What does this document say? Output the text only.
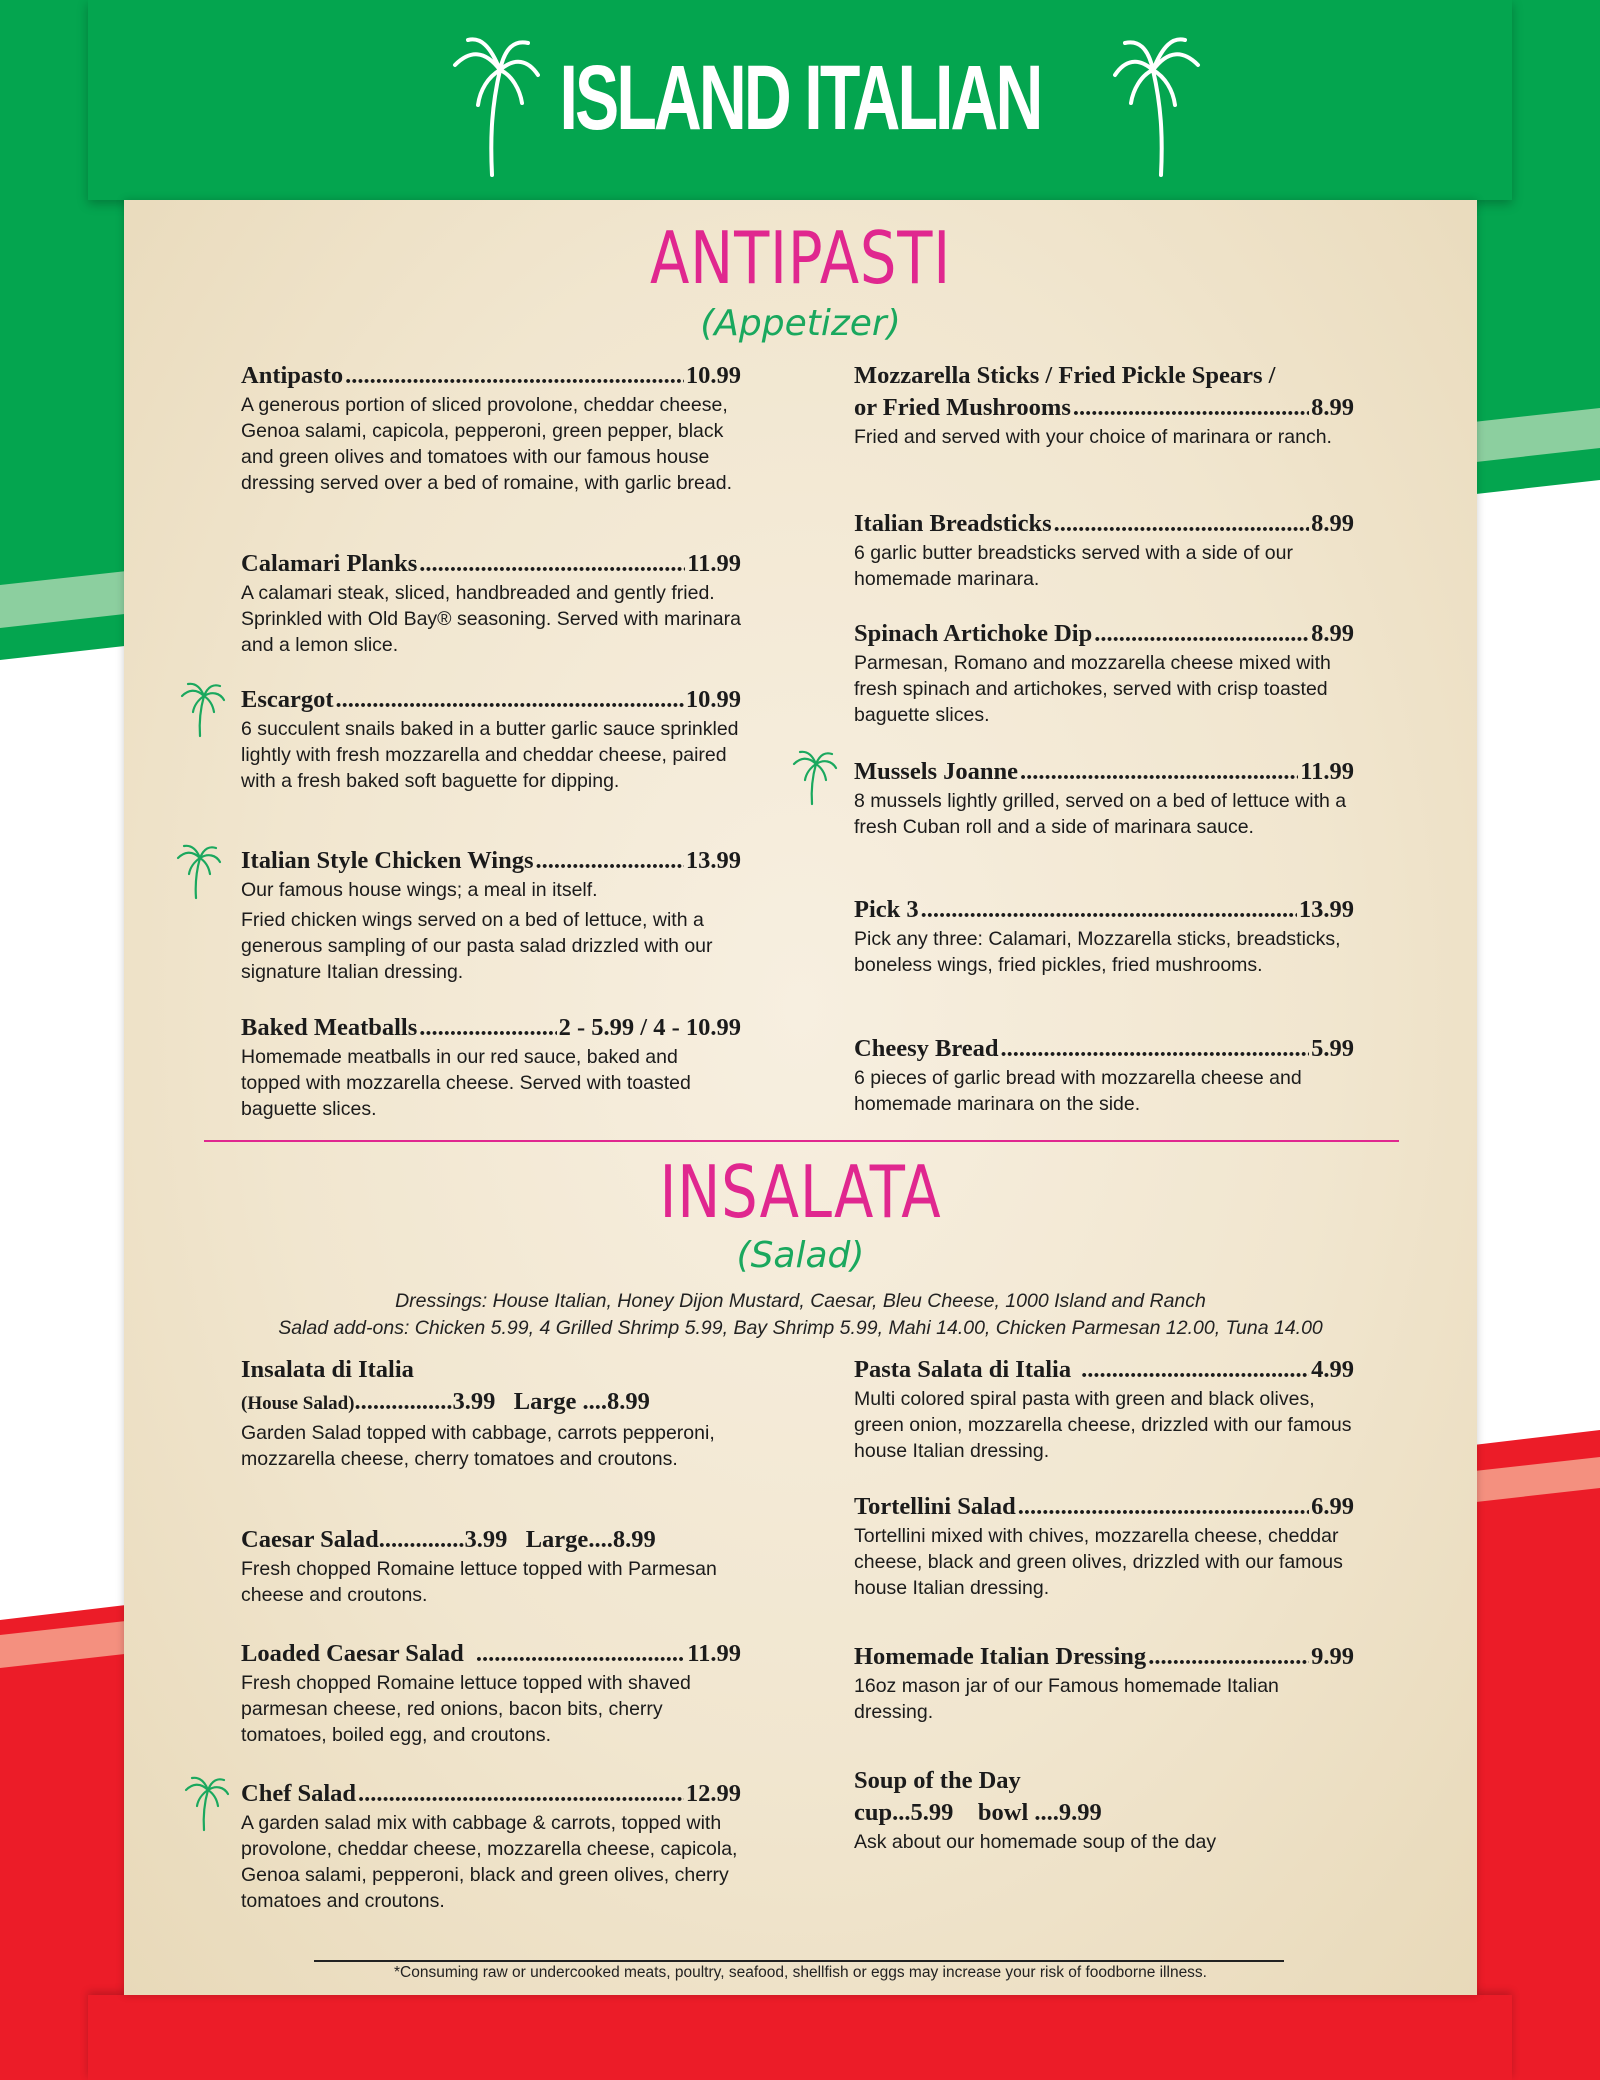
ISLAND ITALIAN
ANTIPASTI
(Appetizer)
Antipasto .....	10.99
A generous portion of sliced provolone, cheddar cheese, Genoa salami, capicola, pepperoni, green pepper, black and green olives and tomatoes with our famous house dressing served over a bed of romaine, with garlic bread.
Calamari Planks .....	11.99
A calamari steak, sliced, handbreaded and gently fried. Sprinkled with Old Bay® seasoning. Served with marinara and a lemon slice.
Escargot .....	10.99
6 succulent snails baked in a butter garlic sauce sprinkled lightly with fresh mozzarella and cheddar cheese, paired with a fresh baked soft baguette for dipping.
Italian Style Chicken Wings .....	13.99
Our famous house wings; a meal in itself.
Fried chicken wings served on a bed of lettuce, with a generous sampling of our pasta salad drizzled with our signature Italian dressing.
Baked Meatballs .....	2 - 5.99 / 4 - 10.99
Homemade meatballs in our red sauce, baked and topped with mozzarella cheese. Served with toasted baguette slices.
Mozzarella Sticks / Fried Pickle Spears /
or Fried Mushrooms .....	8.99
Fried and served with your choice of marinara or ranch.
Italian Breadsticks .....	8.99
6 garlic butter breadsticks served with a side of our homemade marinara.
Spinach Artichoke Dip .....	8.99
Parmesan, Romano and mozzarella cheese mixed with fresh spinach and artichokes, served with crisp toasted baguette slices.
Mussels Joanne .....	11.99
8 mussels lightly grilled, served on a bed of lettuce with a fresh Cuban roll and a side of marinara sauce.
Pick 3 .....	13.99
Pick any three: Calamari, Mozzarella sticks, breadsticks, boneless wings, fried pickles, fried mushrooms.
Cheesy Bread .....	5.99
6 pieces of garlic bread with mozzarella cheese and homemade marinara on the side.
INSALATA
(Salad)
Dressings: House Italian, Honey Dijon Mustard, Caesar, Bleu Cheese, 1000 Island and Ranch
Salad add-ons: Chicken 5.99, 4 Grilled Shrimp 5.99, Bay Shrimp 5.99, Mahi 14.00, Chicken Parmesan 12.00, Tuna 14.00
Insalata di Italia
(House Salad)................3.99 Large ....8.99
Garden Salad topped with cabbage, carrots pepperoni, mozzarella cheese, cherry tomatoes and croutons.
Caesar Salad..............3.99 Large....8.99
Fresh chopped Romaine lettuce topped with Parmesan cheese and croutons.
Loaded Caesar Salad .....	11.99
Fresh chopped Romaine lettuce topped with shaved parmesan cheese, red onions, bacon bits, cherry tomatoes, boiled egg, and croutons.
Chef Salad .....	12.99
A garden salad mix with cabbage & carrots, topped with provolone, cheddar cheese, mozzarella cheese, capicola, Genoa salami, pepperoni, black and green olives, cherry tomatoes and croutons.
Pasta Salata di Italia .....	4.99
Multi colored spiral pasta with green and black olives, green onion, mozzarella cheese, drizzled with our famous house Italian dressing.
Tortellini Salad .....	6.99
Tortellini mixed with chives, mozzarella cheese, cheddar cheese, black and green olives, drizzled with our famous house Italian dressing.
Homemade Italian Dressing .....	9.99
16oz mason jar of our Famous homemade Italian dressing.
Soup of the Day
cup...5.99 bowl ....9.99
Ask about our homemade soup of the day
*Consuming raw or undercooked meats, poultry, seafood, shellfish or eggs may increase your risk of foodborne illness.
